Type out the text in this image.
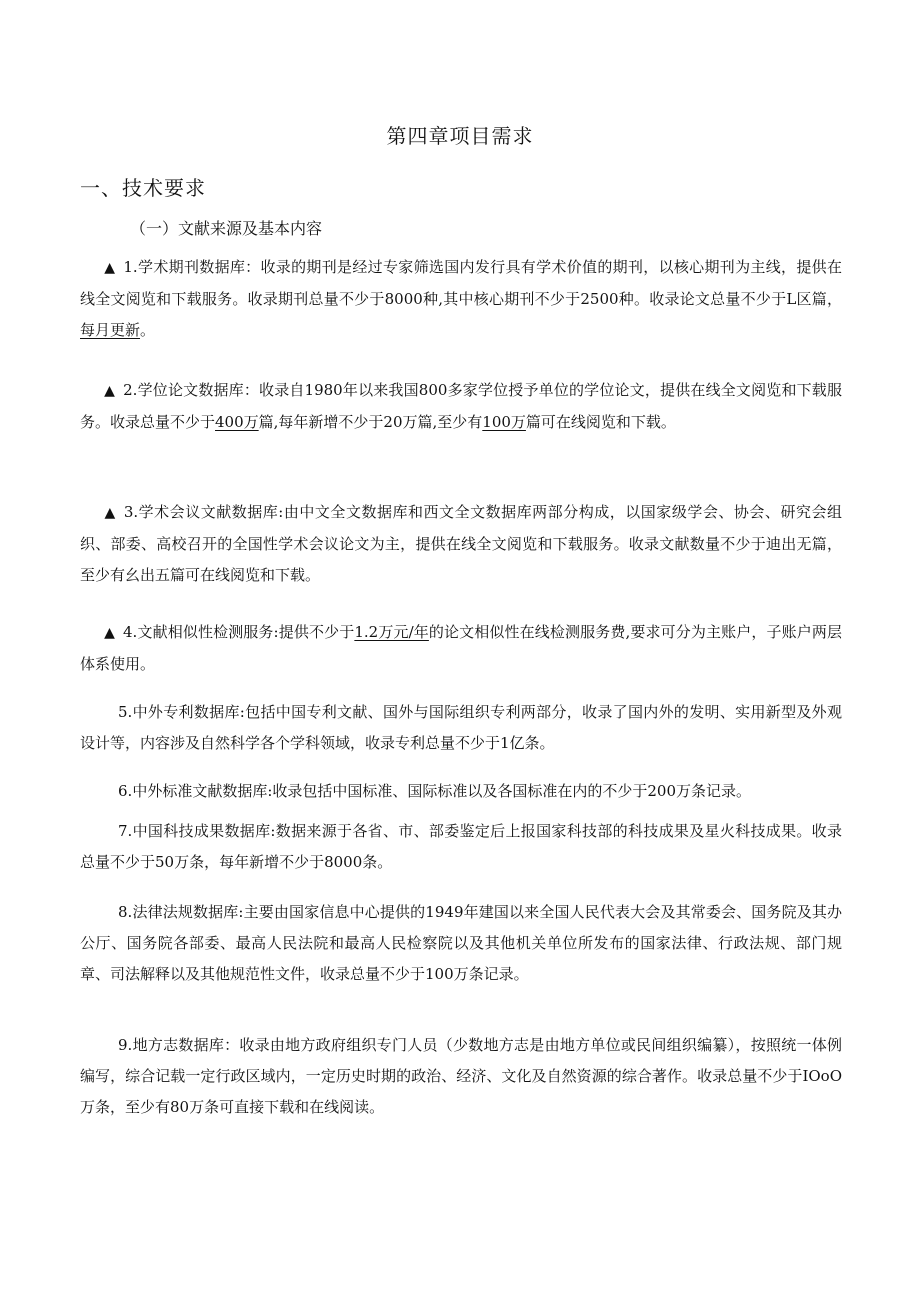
第四章项目需求
一、技术要求
（一）文献来源及基本内容
▲ 1.学术期刊数据库：收录的期刊是经过专家筛选国内发行具有学术价值的期刊，以核心期刊为主线，提供在线全文阅览和下载服务。收录期刊总量不少于8000种,其中核心期刊不少于2500种。收录论文总量不少于L区篇，每月更新。
▲ 2.学位论文数据库：收录自1980年以来我国800多家学位授予单位的学位论文，提供在线全文阅览和下载服务。收录总量不少于400万篇,每年新增不少于20万篇,至少有100万篇可在线阅览和下载。
▲ 3.学术会议文献数据库:由中文全文数据库和西文全文数据库两部分构成，以国家级学会、协会、研究会组织、部委、高校召开的全国性学术会议论文为主，提供在线全文阅览和下载服务。收录文献数量不少于迪出无篇，至少有幺出五篇可在线阅览和下载。
▲ 4.文献相似性检测服务:提供不少于1.2万元/年的论文相似性在线检测服务费,要求可分为主账户，子账户两层体系使用。
5.中外专利数据库:包括中国专利文献、国外与国际组织专利两部分，收录了国内外的发明、实用新型及外观设计等，内容涉及自然科学各个学科领域，收录专利总量不少于1亿条。
6.中外标准文献数据库:收录包括中国标准、国际标准以及各国标准在内的不少于200万条记录。
7.中国科技成果数据库:数据来源于各省、市、部委鉴定后上报国家科技部的科技成果及星火科技成果。收录总量不少于50万条，每年新增不少于8000条。
8.法律法规数据库:主要由国家信息中心提供的1949年建国以来全国人民代表大会及其常委会、国务院及其办公厅、国务院各部委、最高人民法院和最高人民检察院以及其他机关单位所发布的国家法律、行政法规、部门规章、司法解释以及其他规范性文件，收录总量不少于100万条记录。
9.地方志数据库：收录由地方政府组织专门人员（少数地方志是由地方单位或民间组织编纂），按照统一体例编写，综合记载一定行政区域内，一定历史时期的政治、经济、文化及自然资源的综合著作。收录总量不少于IOoO万条，至少有80万条可直接下载和在线阅读。
